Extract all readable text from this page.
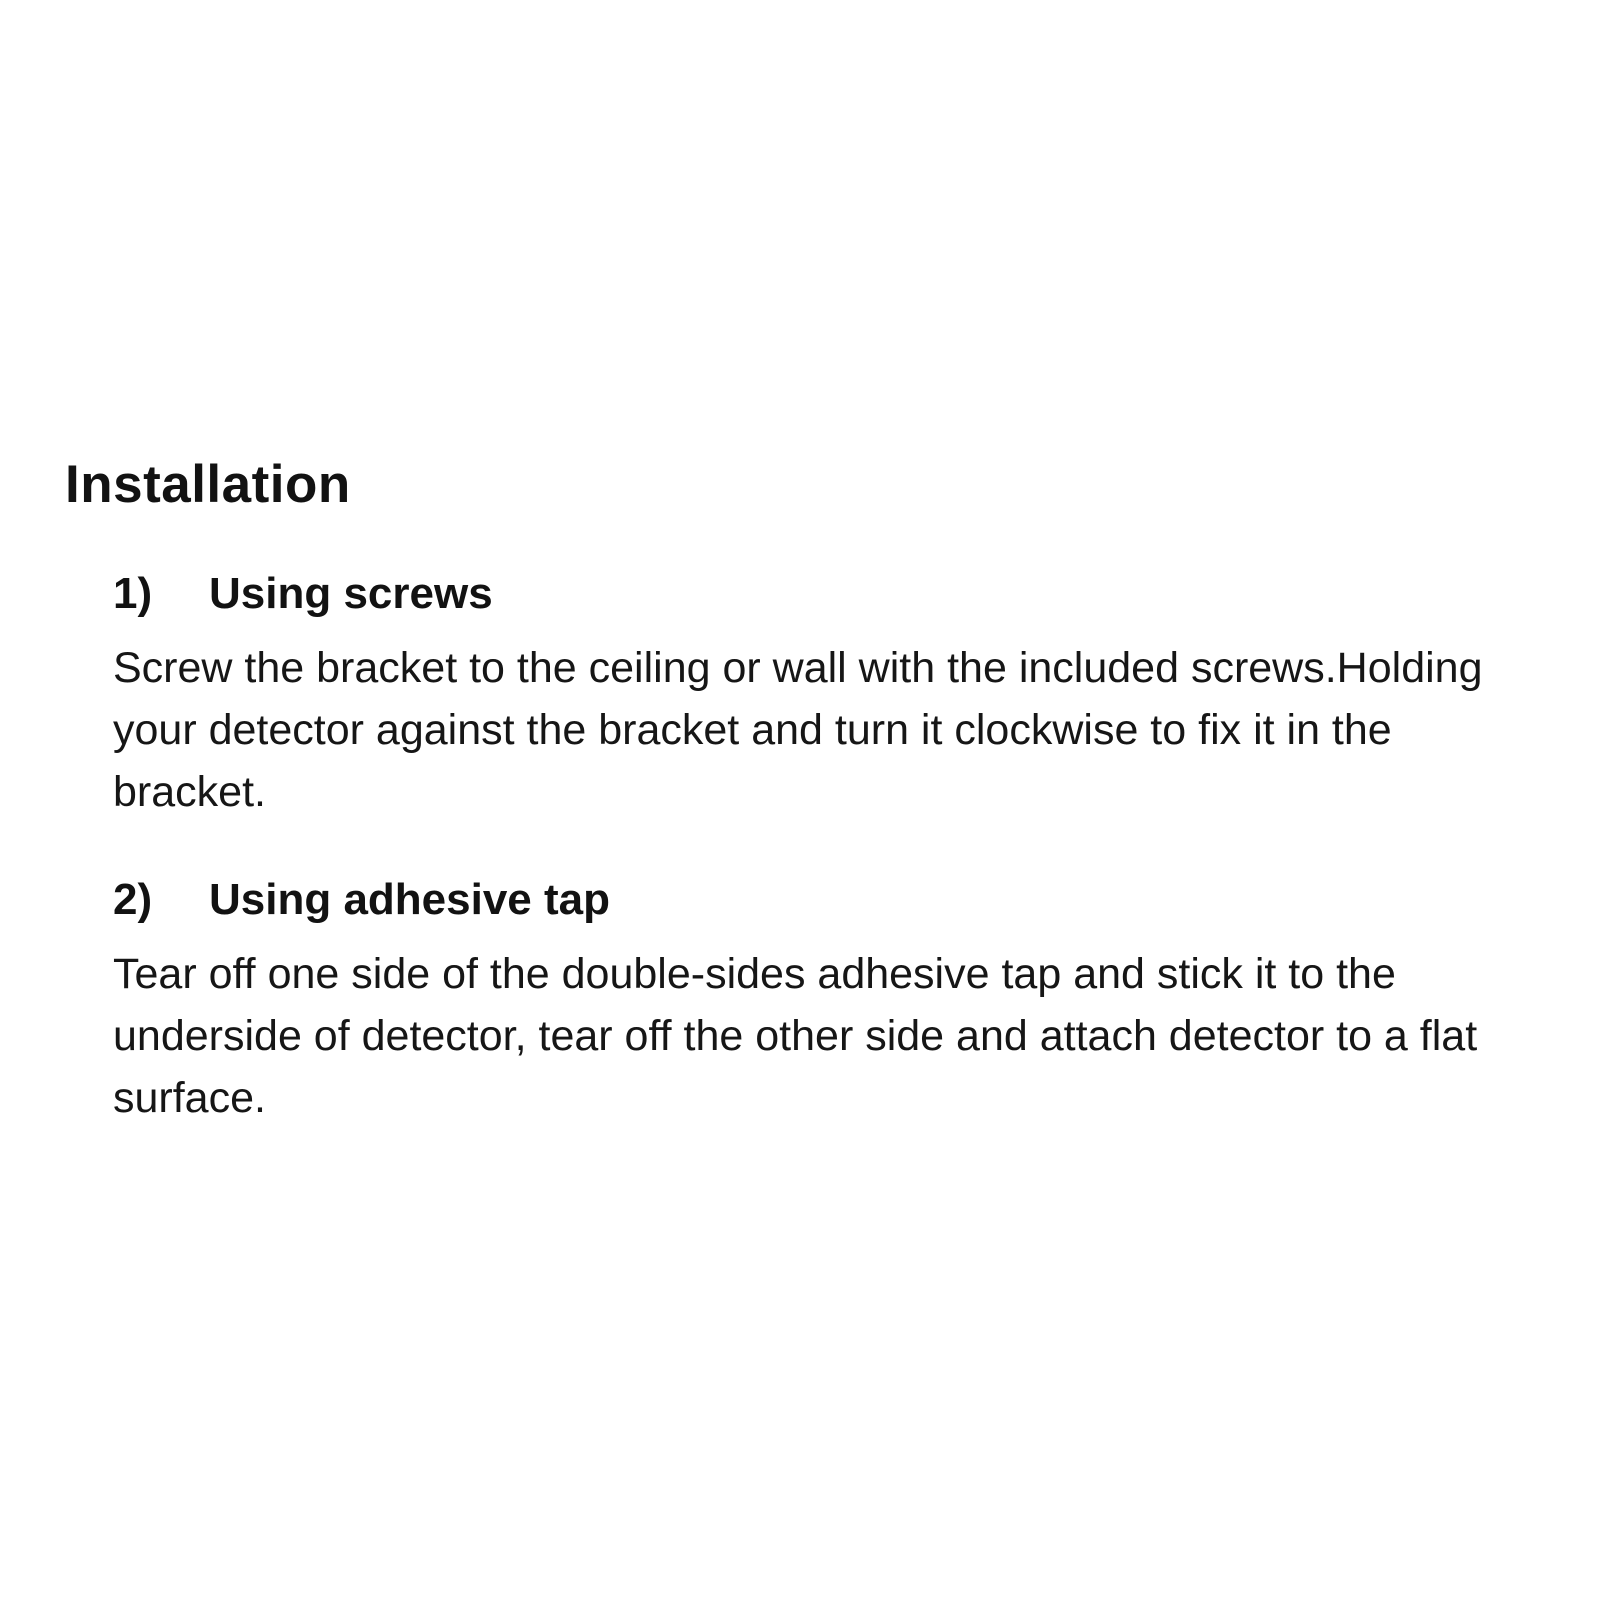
Installation
1)	Using screws

Screw the bracket to the ceiling or wall with the included screws.Holding your detector against the bracket and turn it clockwise to fix it in the bracket.

2)	Using adhesive tap

Tear off one side of the double-sides adhesive tap and stick it to the underside of detector, tear off the other side and attach detector to a flat surface.
